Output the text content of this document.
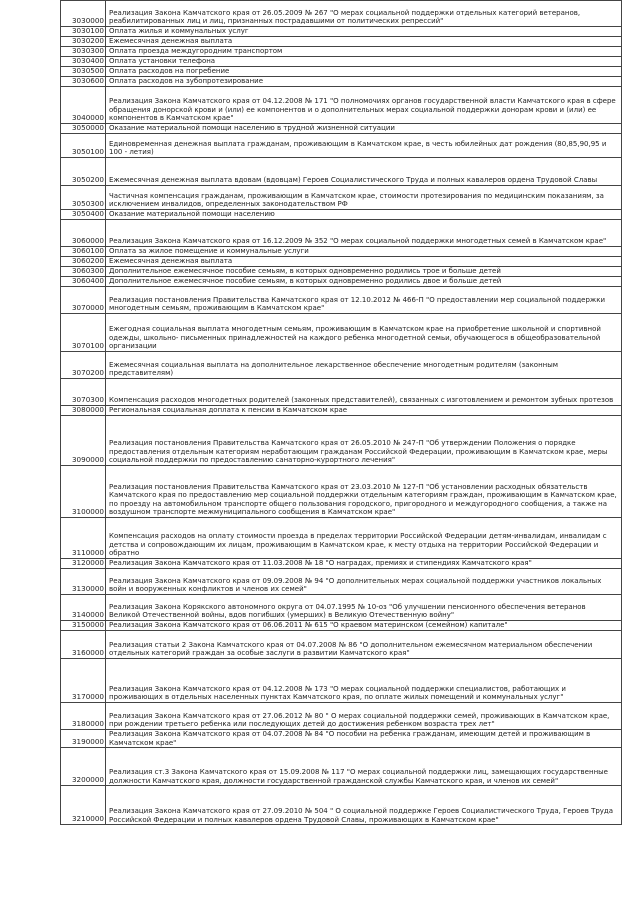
3030000	Реализация Закона Камчатского края от 26.05.2009 № 267 "О мерах социальной поддержки отдельных категорий ветеранов, реабилитированных лиц и лиц, признанных пострадавшими от политических репрессий"
3030100	Оплата жилья и коммунальных услуг
3030200	Ежемесячная денежная выплата
3030300	Оплата проезда междугородним транспортом
3030400	Оплата установки телефона
3030500	Оплата расходов на погребение
3030600	Оплата расходов на зубопротезирование
3040000	Реализация Закона Камчатского края от 04.12.2008 № 171 "О полномочиях органов государственной власти Камчатского края в сфере обращения донорской крови и (или) ее компонентов и о дополнительных мерах социальной поддержки донорам крови и (или) ее компонентов в Камчатском крае"
3050000	Оказание материальной помощи населению в трудной жизненной ситуации
3050100	Единовременная денежная выплата гражданам, проживающим в Камчатском крае, в честь юбилейных дат рождения (80,85,90,95 и 100 - летия)
3050200	Ежемесячная денежная выплата вдовам (вдовцам) Героев Социалистического Труда и полных кавалеров ордена Трудовой Славы
3050300	Частичная компенсация гражданам, проживающим в Камчатском крае, стоимости протезирования по медицинским показаниям, за исключением инвалидов, определенных законодательством РФ
3050400	Оказание материальной помощи населению
3060000	Реализация Закона Камчатского края от 16.12.2009 № 352 "О мерах социальной поддержки многодетных семей в Камчатском крае"
3060100	Оплата за жилое помещение и коммунальные услуги
3060200	Ежемесячная денежная выплата
3060300	Дополнительное ежемесячное пособие семьям, в которых одновременно родились трое и больше детей
3060400	Дополнительное ежемесячное пособие семьям, в которых одновременно родились двое и больше детей
3070000	Реализация постановления Правительства Камчатского края от 12.10.2012 № 466-П "О предоставлении мер социальной поддержки многодетным семьям, проживающим в Камчатском крае"
3070100	Ежегодная социальная выплата многодетным семьям, проживающим в Камчатском крае на приобретение школьной и спортивной одежды, школьно- письменных принадлежностей на каждого ребенка многодетной семьи, обучающегося в общеобразовательной организации
3070200	Ежемесячная социальная выплата на дополнительное лекарственное обеспечение многодетным родителям (законным представителям)
3070300	Компенсация расходов многодетных родителей (законных представителей), связанных с изготовлением и ремонтом зубных протезов
3080000	Региональная социальная доплата к пенсии в Камчатском крае
3090000	Реализация постановления Правительства Камчатского края от 26.05.2010 № 247-П "Об утверждении Положения о порядке предоставления отдельным категориям неработающим гражданам Российской Федерации, проживающим в Камчатском крае, меры социальной поддержки по предоставлению санаторно-курортного лечения"
3100000	Реализация постановления Правительства Камчатского края от 23.03.2010 № 127-П "Об установлении расходных обязательств Камчатского края по предоставлению мер социальной поддержки отдельным категориям граждан, проживающим в Камчатском крае, по проезду на автомобильном транспорте общего пользования городского, пригородного и междугородного сообщения, а также на воздушном транспорте межмуниципального сообщения в Камчатском крае"
3110000	Компенсация расходов на оплату стоимости проезда в пределах территории Российской Федерации детям-инвалидам, инвалидам с детства и сопровождающим их лицам, проживающим в Камчатском крае, к месту отдыха на территории Российской Федерации и обратно
3120000	Реализация Закона Камчатского края от 11.03.2008 № 18 "О наградах, премиях и стипендиях Камчатского края"
3130000	Реализация Закона Камчатского края от 09.09.2008 № 94 "О дополнительных мерах социальной поддержки участников локальных войн и вооруженных конфликтов и членов их семей"
3140000	Реализация Закона Корякского автономного округа от 04.07.1995 № 10-оз "Об улучшении пенсионного обеспечения ветеранов Великой Отечественной войны, вдов погибших (умерших) в Великую Отечественную войну"
3150000	Реализация Закона Камчатского края от 06.06.2011 № 615 "О краевом материнском (семейном) капитале"
3160000	Реализация статьи 2 Закона Камчатского края от 04.07.2008 № 86 "О дополнительном ежемесячном материальном обеспечении отдельных категорий граждан за особые заслуги в развитии Камчатского края"
3170000	Реализация Закона Камчатского края от 04.12.2008 № 173 "О мерах социальной поддержки специалистов, работающих и проживающих в отдельных населенных пунктах Камчатского края, по оплате жилых помещений и коммунальных услуг"
3180000	Реализация Закона Камчатского края от 27.06.2012 № 80 " О мерах социальной поддержки семей, проживающих в Камчатском крае, при рождении третьего ребенка или последующих детей до достижения ребенком возраста трех лет"
3190000	Реализация Закона Камчатского края от 04.07.2008 № 84 "О пособии на ребенка гражданам, имеющим детей и проживающим в Камчатском крае"
3200000	Реализация ст.3 Закона Камчатского края от 15.09.2008 № 117 "О мерах социальной поддержки лиц, замещающих государственные должности Камчатского края, должности государственной гражданской службы Камчатского края, и членов их семей"
3210000	Реализация Закона Камчатского края от 27.09.2010 № 504 " О социальной поддержке Героев Социалистического Труда, Героев Труда Российской Федерации и полных кавалеров ордена Трудовой Славы, проживающих в Камчатском крае"
